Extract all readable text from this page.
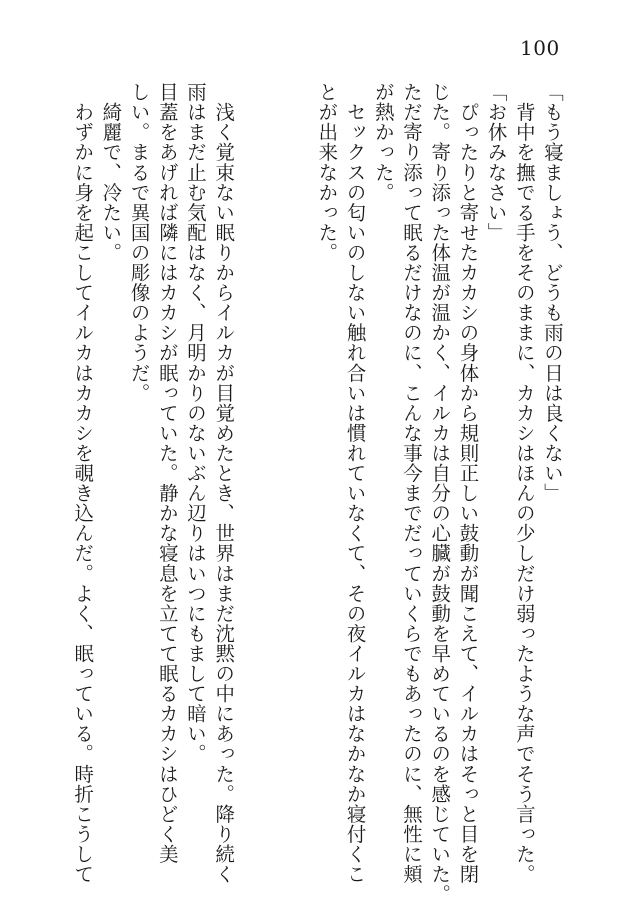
100
「もう寝ましょう、どうも雨の日は良くない」
　背中を撫でる手をそのままに、カカシはほんの少しだけ弱ったような声でそう言った。
「お休みなさい」
　ぴったりと寄せたカカシの身体から規則正しい鼓動が聞こえて、イルカはそっと目を閉
じた。寄り添った体温が温かく、イルカは自分の心臓が鼓動を早めているのを感じていた。
ただ寄り添って眠るだけなのに、こんな事今までだっていくらでもあったのに、無性に頬
が熱かった。
　セックスの匂いのしない触れ合いは慣れていなくて、その夜イルカはなかなか寝付くこ
とが出来なかった。
　浅く覚束ない眠りからイルカが目覚めたとき、世界はまだ沈黙の中にあった。降り続く
雨はまだ止む気配はなく、月明かりのないぶん辺りはいつにもまして暗い。
目蓋をあげれば隣にはカカシが眠っていた。静かな寝息を立てて眠るカカシはひどく美
しい。まるで異国の彫像のようだ。
　綺麗で、冷たい。
　わずかに身を起こしてイルカはカカシを覗き込んだ。よく、眠っている。時折こうして
